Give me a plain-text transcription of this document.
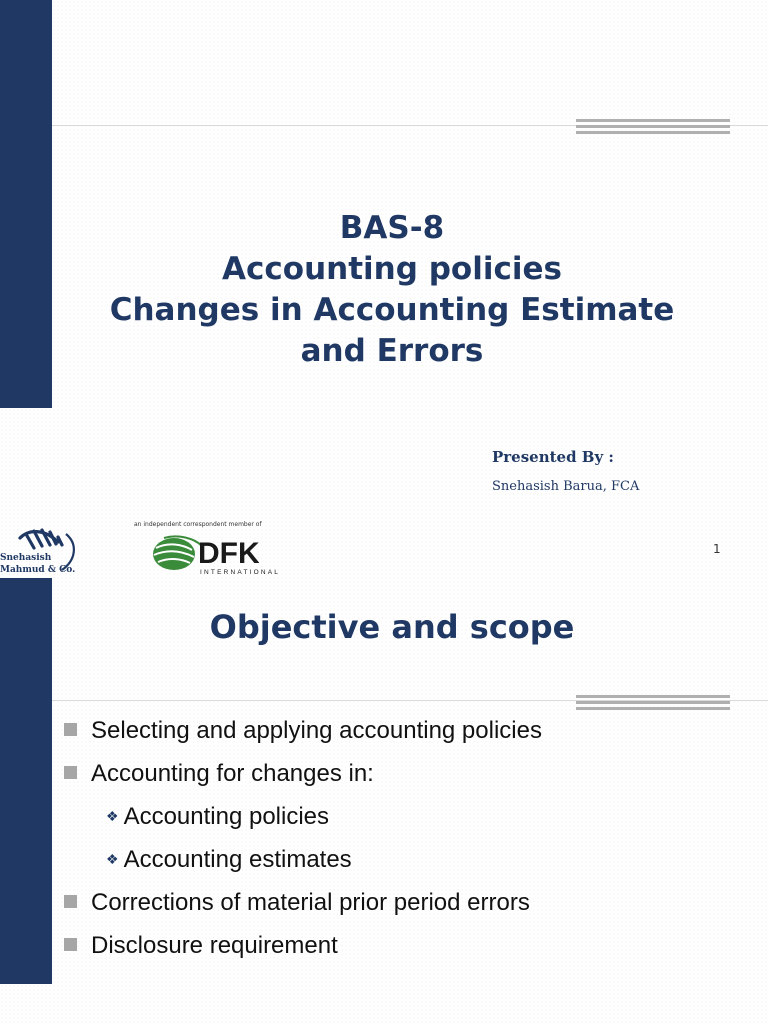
BAS-8
Accounting policies
Changes in Accounting Estimate
and Errors
Presented By :
Snehasish Barua, FCA
Snehasish
Mahmud & Co.
an independent correspondent member of
DFK
INTERNATIONAL
1
Objective and scope
Selecting and applying accounting policies
Accounting for changes in:
❖ Accounting policies
❖ Accounting estimates
Corrections of material prior period errors
Disclosure requirement
